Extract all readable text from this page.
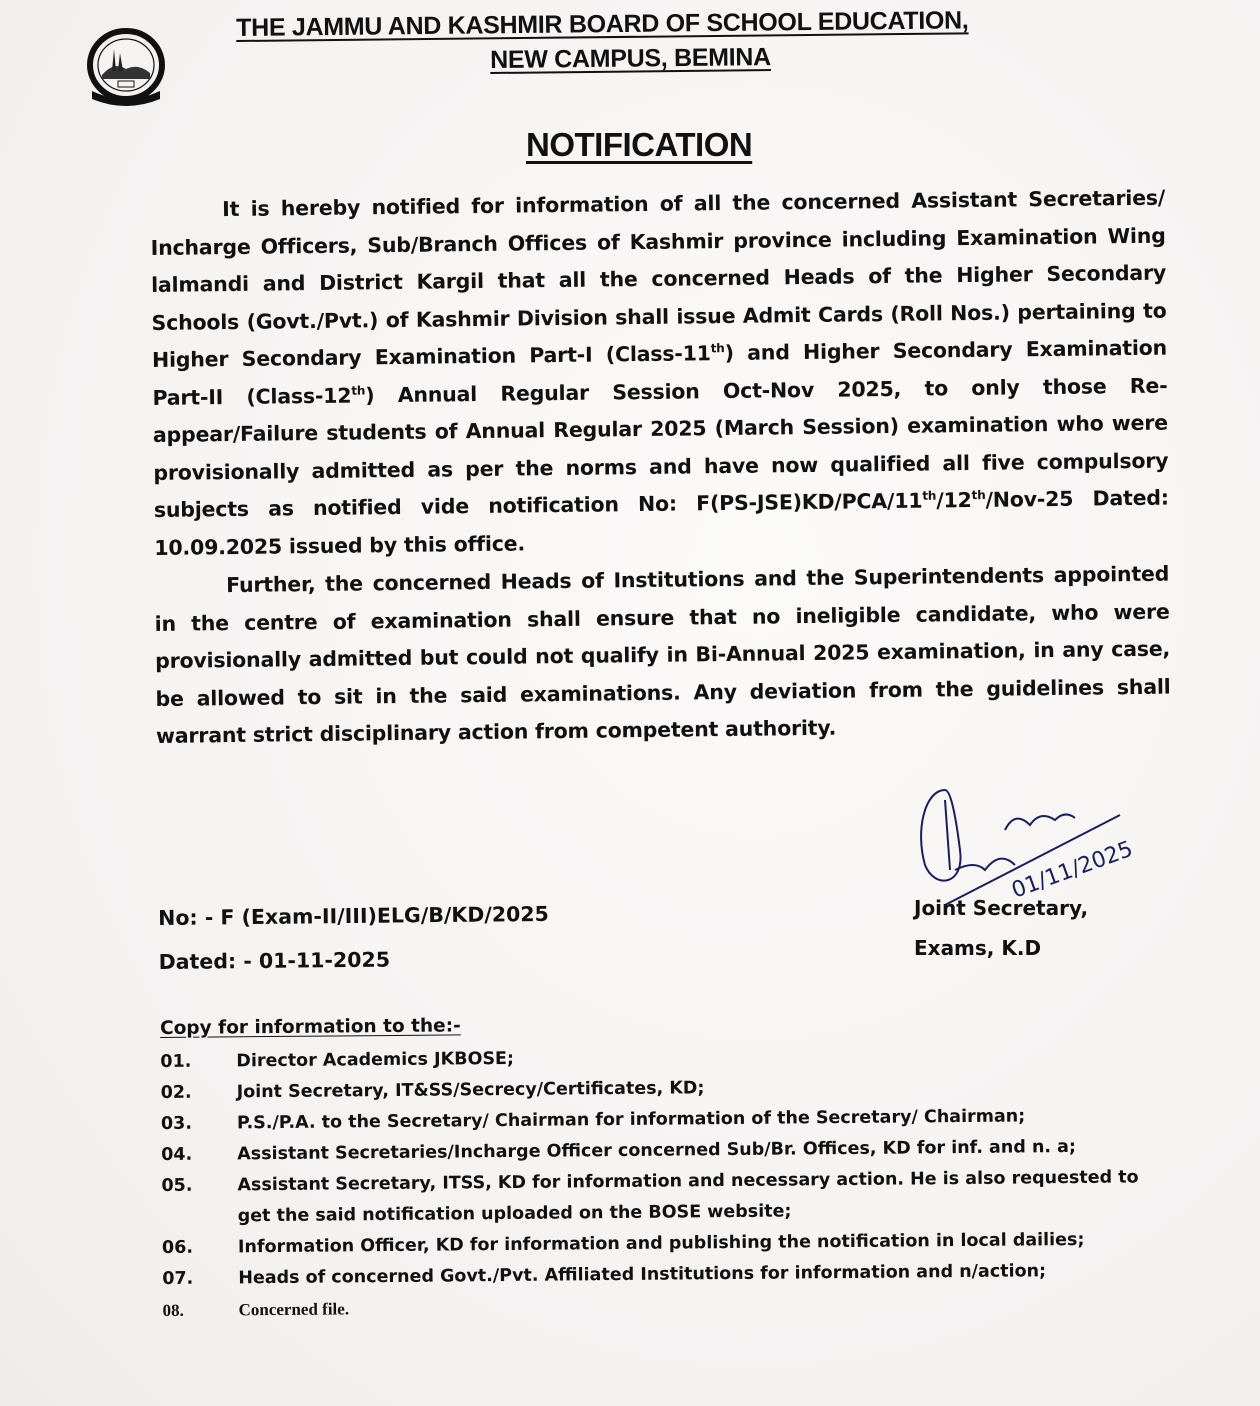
THE JAMMU AND KASHMIR BOARD OF SCHOOL EDUCATION,
NEW CAMPUS, BEMINA
NOTIFICATION
It is hereby notified for information of all the concerned Assistant Secretaries/ Incharge Officers, Sub/Branch Offices of Kashmir province including Examination Wing lalmandi and District Kargil that all the concerned Heads of the Higher Secondary Schools (Govt./Pvt.) of Kashmir Division shall issue Admit Cards (Roll Nos.) pertaining to Higher Secondary Examination Part-I (Class-11th) and Higher Secondary Examination Part-II (Class-12th) Annual Regular Session Oct-Nov 2025, to only those Re-appear/Failure students of Annual Regular 2025 (March Session) examination who were provisionally admitted as per the norms and have now qualified all five compulsory subjects as notified vide notification No: F(PS-JSE)KD/PCA/11th/12th/Nov-25 Dated: 10.09.2025 issued by this office.
Further, the concerned Heads of Institutions and the Superintendents appointed in the centre of examination shall ensure that no ineligible candidate, who were provisionally admitted but could not qualify in Bi-Annual 2025 examination, in any case, be allowed to sit in the said examinations. Any deviation from the guidelines shall warrant strict disciplinary action from competent authority.
01/11/2025
No: - F (Exam-II/III)ELG/B/KD/2025
Dated: - 01-11-2025
Joint Secretary,
Exams, K.D
Copy for information to the:-
01.	Director Academics JKBOSE;
02.	Joint Secretary, IT&SS/Secrecy/Certificates, KD;
03.	P.S./P.A. to the Secretary/ Chairman for information of the Secretary/ Chairman;
04.	Assistant Secretaries/Incharge Officer concerned Sub/Br. Offices, KD for inf. and n. a;
05.	Assistant Secretary, ITSS, KD for information and necessary action. He is also requested to get the said notification uploaded on the BOSE website;
06.	Information Officer, KD for information and publishing the notification in local dailies;
07.	Heads of concerned Govt./Pvt. Affiliated Institutions for information and n/action;
08.	Concerned file.
